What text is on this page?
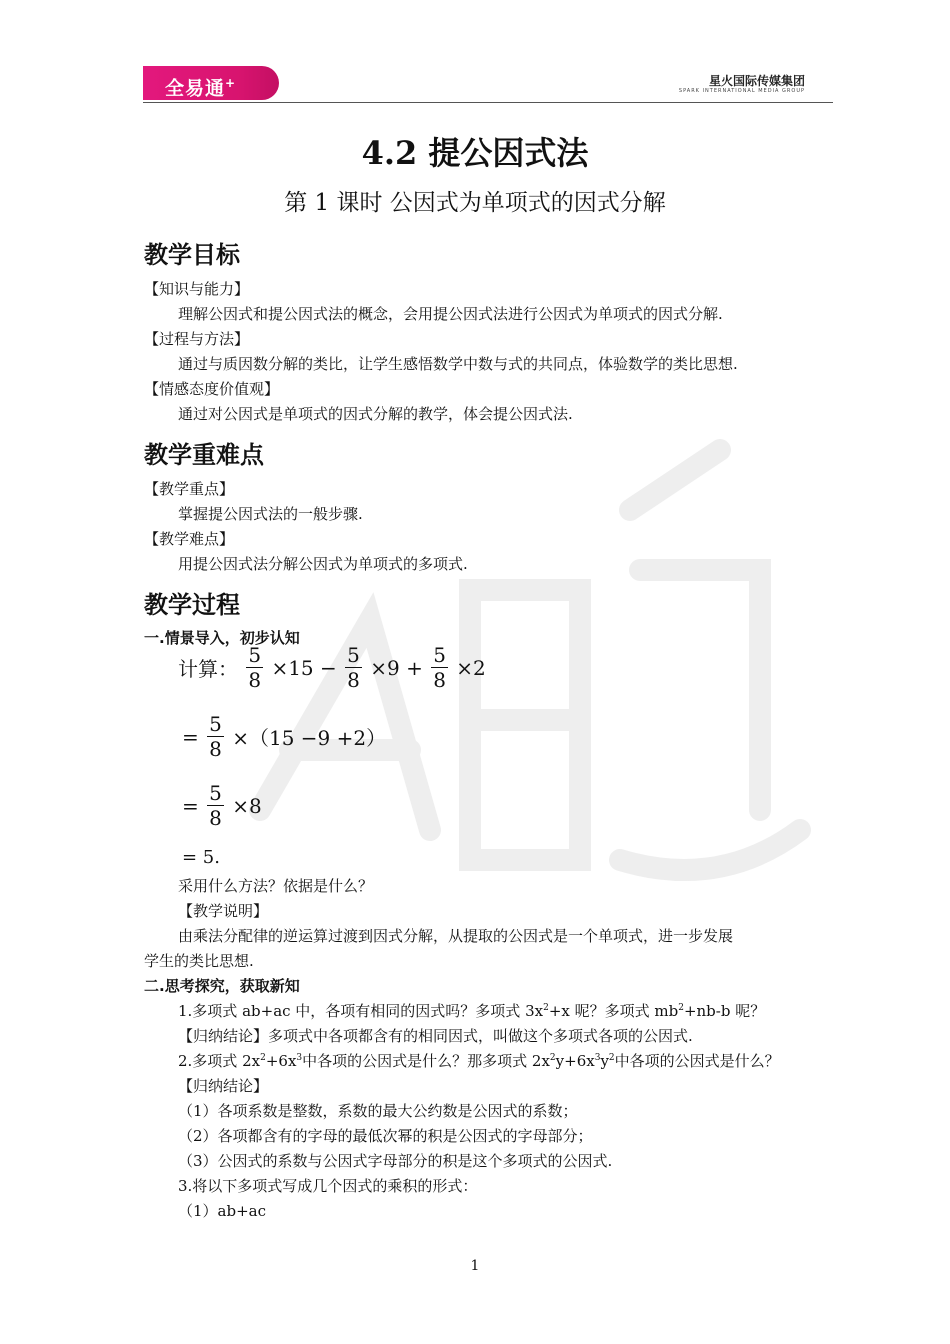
全易通+	星火国际传媒集团
SPARK INTERNATIONAL MEDIA GROUP
4.2 提公因式法
第 1 课时 公因式为单项式的因式分解
教学目标
【知识与能力】
理解公因式和提公因式法的概念，会用提公因式法进行公因式为单项式的因式分解.
【过程与方法】
通过与质因数分解的类比，让学生感悟数学中数与式的共同点，体验数学的类比思想.
【情感态度价值观】
通过对公因式是单项式的因式分解的教学，体会提公因式法.
教学重难点
【教学重点】
掌握提公因式法的一般步骤.
【教学难点】
用提公因式法分解公因式为单项式的多项式.
教学过程
一.情景导入，初步认知
计算： $\frac{5}{8} \times 15 - \frac{5}{8} \times 9 + \frac{5}{8} \times 2$
= $\frac{5}{8} \times(15 -9 +2)$
= $\frac{5}{8} \times 8$
= 5.
采用什么方法？依据是什么？
【教学说明】
由乘法分配律的逆运算过渡到因式分解，从提取的公因式是一个单项式，进一步发展
学生的类比思想.
二.思考探究，获取新知
1.多项式 ab+ac 中，各项有相同的因式吗？多项式 $3x^2+x$ 呢？多项式 $mb^2+nb-b$ 呢？
【归纳结论】多项式中各项都含有的相同因式，叫做这个多项式各项的公因式.
2.多项式 $2x^2+6x^3$中各项的公因式是什么？那多项式 $2x^2y+6x^3y^2$中各项的公因式是什么？
【归纳结论】
（1）各项系数是整数，系数的最大公约数是公因式的系数；
（2）各项都含有的字母的最低次幂的积是公因式的字母部分；
（3）公因式的系数与公因式字母部分的积是这个多项式的公因式.
3.将以下多项式写成几个因式的乘积的形式：
（1）ab+ac
1
